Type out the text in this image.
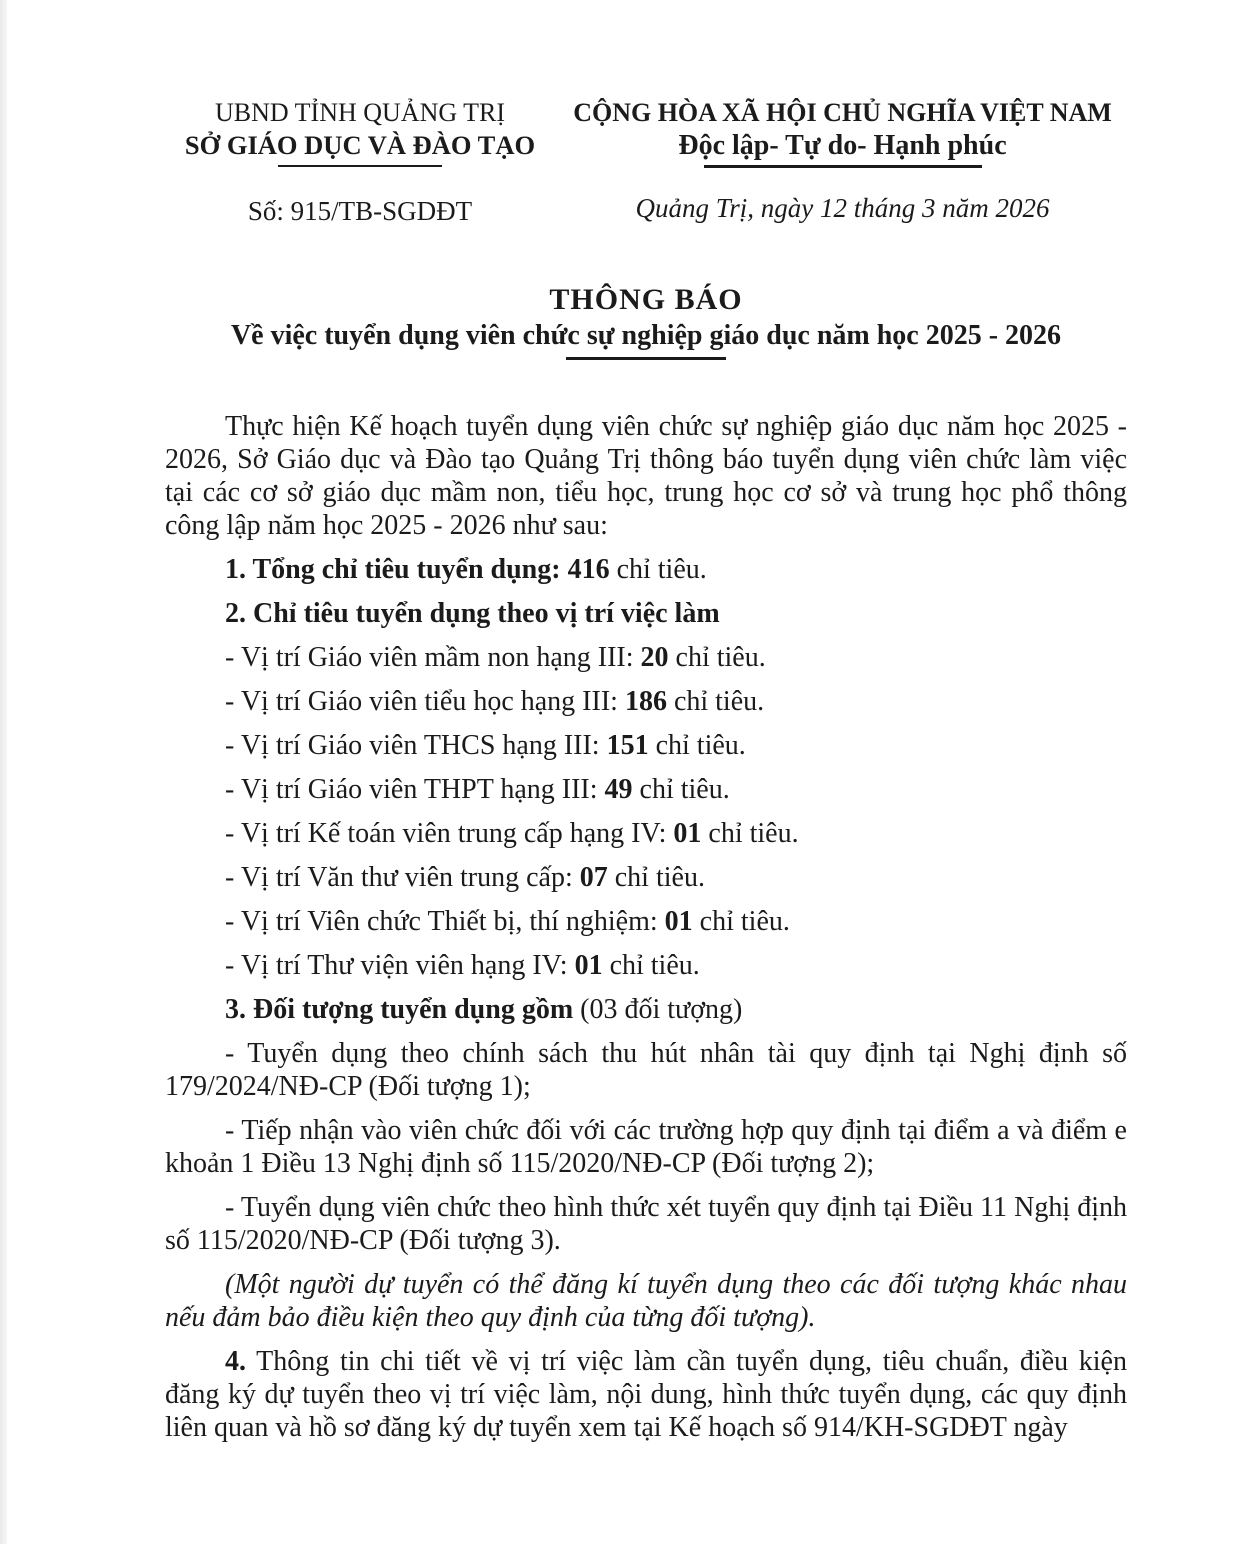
UBND TỈNH QUẢNG TRỊ
SỞ GIÁO DỤC VÀ ĐÀO TẠO
Số: 915/TB-SGDĐT
CỘNG HÒA XÃ HỘI CHỦ NGHĨA VIỆT NAM
Độc lập- Tự do- Hạnh phúc
Quảng Trị, ngày 12 tháng 3 năm 2026
THÔNG BÁO
Về việc tuyển dụng viên chức sự nghiệp giáo dục năm học 2025 - 2026

Thực hiện Kế hoạch tuyển dụng viên chức sự nghiệp giáo dục năm học 2025 - 2026, Sở Giáo dục và Đào tạo Quảng Trị thông báo tuyển dụng viên chức làm việc tại các cơ sở giáo dục mầm non, tiểu học, trung học cơ sở và trung học phổ thông công lập năm học 2025 - 2026 như sau:

1. Tổng chỉ tiêu tuyển dụng: 416 chỉ tiêu.

2. Chỉ tiêu tuyển dụng theo vị trí việc làm

- Vị trí Giáo viên mầm non hạng III: 20 chỉ tiêu.

- Vị trí Giáo viên tiểu học hạng III: 186 chỉ tiêu.

- Vị trí Giáo viên THCS hạng III: 151 chỉ tiêu.

- Vị trí Giáo viên THPT hạng III: 49 chỉ tiêu.

- Vị trí Kế toán viên trung cấp hạng IV: 01 chỉ tiêu.

- Vị trí Văn thư viên trung cấp: 07 chỉ tiêu.

- Vị trí Viên chức Thiết bị, thí nghiệm: 01 chỉ tiêu.

- Vị trí Thư viện viên hạng IV: 01 chỉ tiêu.

3. Đối tượng tuyển dụng gồm (03 đối tượng)

- Tuyển dụng theo chính sách thu hút nhân tài quy định tại Nghị định số 179/2024/NĐ-CP (Đối tượng 1);

- Tiếp nhận vào viên chức đối với các trường hợp quy định tại điểm a và điểm e khoản 1 Điều 13 Nghị định số 115/2020/NĐ-CP (Đối tượng 2);

- Tuyển dụng viên chức theo hình thức xét tuyển quy định tại Điều 11 Nghị định số 115/2020/NĐ-CP (Đối tượng 3).

(Một người dự tuyển có thể đăng kí tuyển dụng theo các đối tượng khác nhau nếu đảm bảo điều kiện theo quy định của từng đối tượng).

4. Thông tin chi tiết về vị trí việc làm cần tuyển dụng, tiêu chuẩn, điều kiện đăng ký dự tuyển theo vị trí việc làm, nội dung, hình thức tuyển dụng, các quy định liên quan và hồ sơ đăng ký dự tuyển xem tại Kế hoạch số 914/KH-SGDĐT ngày
